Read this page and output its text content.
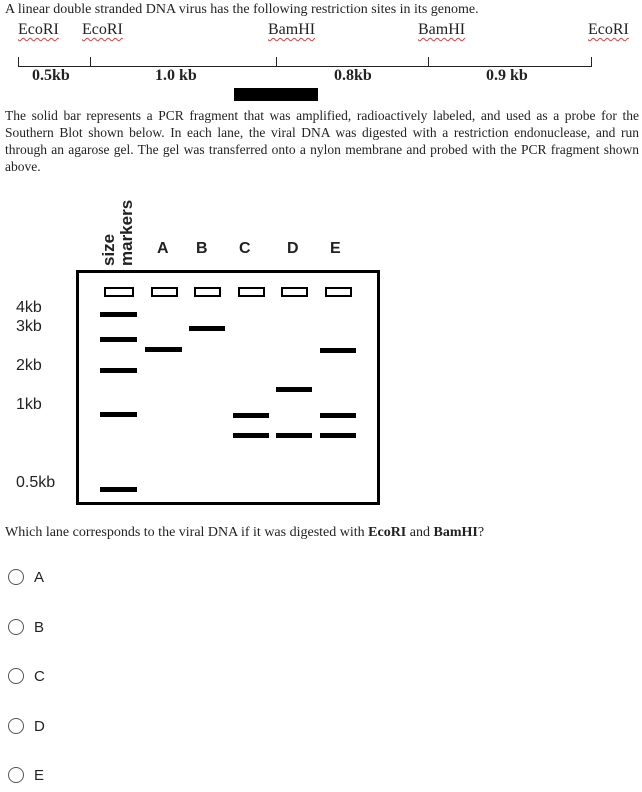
A linear double stranded DNA virus has the following restriction sites in its genome.
EcoRI EcoRI	BamHI	BamHI	EcoRI
0.5kb	1.0 kb	0.8kb	0.9 kb
The solid bar represents a PCR fragment that was amplified, radioactively labeled, and used as a probe for the Southern Blot shown below. In each lane, the viral DNA was digested with a restriction endonuclease, and run through an agarose gel. The gel was transferred onto a nylon membrane and probed with the PCR fragment shown above.
size markers A B C D E
4kb
3kb
2kb
1kb
0.5kb
Which lane corresponds to the viral DNA if it was digested with EcoRI and BamHI?
A
B
C
D
E
